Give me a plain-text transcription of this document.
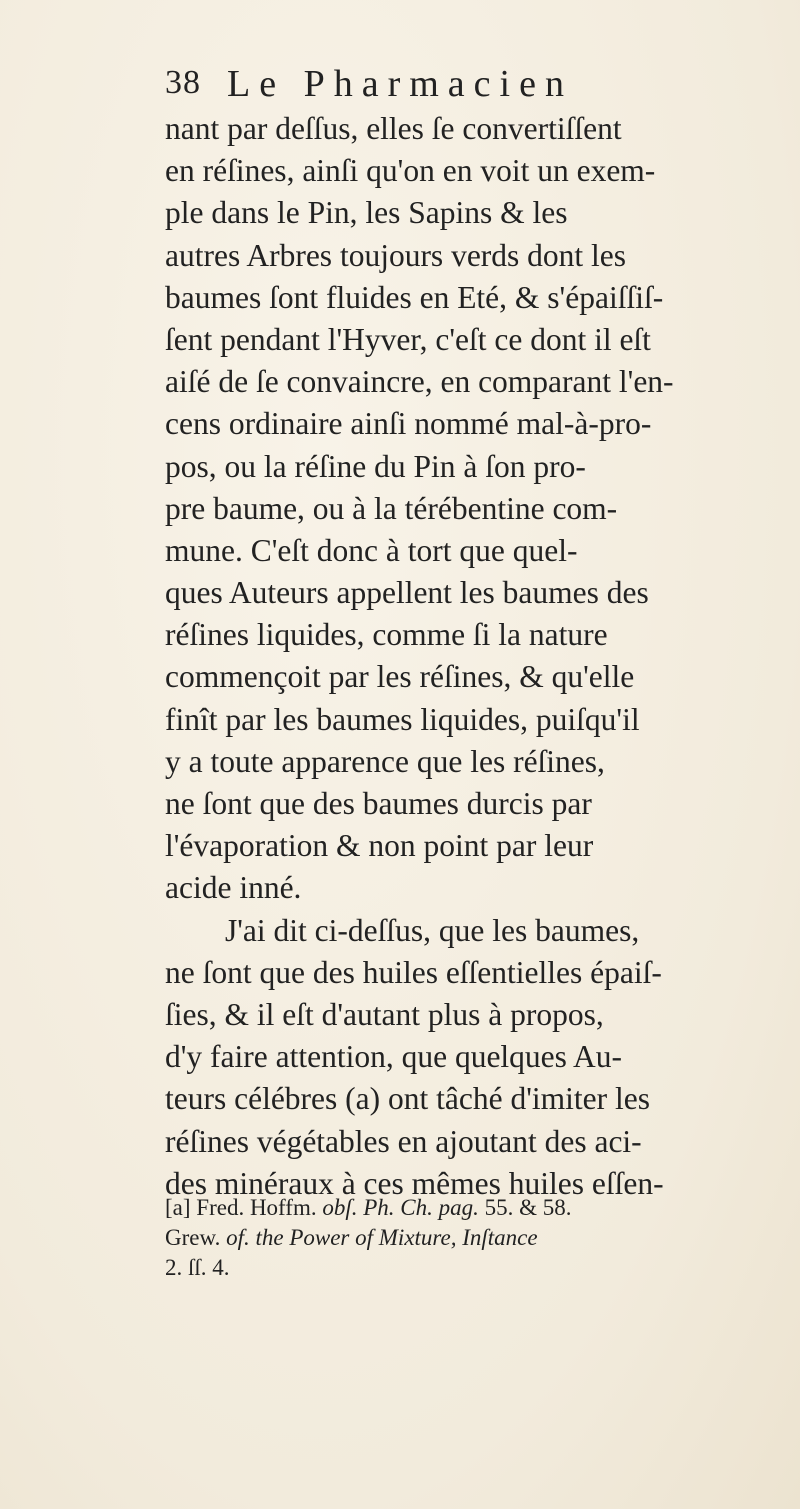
38 Le Pharmacien
nant par deſſus, elles ſe convertiſſent
en réſines, ainſi qu'on en voit un exem-
ple dans le Pin, les Sapins & les
autres Arbres toujours verds dont les
baumes ſont fluides en Eté, & s'épaiſſiſ-
ſent pendant l'Hyver, c'eſt ce dont il eſt
aiſé de ſe convaincre, en comparant l'en-
cens ordinaire ainſi nommé mal-à-pro-
pos, ou la réſine du Pin à ſon pro-
pre baume, ou à la térébentine com-
mune. C'eſt donc à tort que quel-
ques Auteurs appellent les baumes des
réſines liquides, comme ſi la nature
commençoit par les réſines, & qu'elle
finît par les baumes liquides, puiſqu'il
y a toute apparence que les réſines,
ne ſont que des baumes durcis par
l'évaporation & non point par leur
acide inné.
J'ai dit ci-deſſus, que les baumes,
ne ſont que des huiles eſſentielles épaiſ-
ſies, & il eſt d'autant plus à propos,
d'y faire attention, que quelques Au-
teurs célébres (a) ont tâché d'imiter les
réſines végétables en ajoutant des aci-
des minéraux à ces mêmes huiles eſſen-
[a] Fred. Hoffm. obſ. Ph. Ch. pag. 55. & 58.
Grew. of. the Power of Mixture, Inſtance
2. ſſ. 4.
